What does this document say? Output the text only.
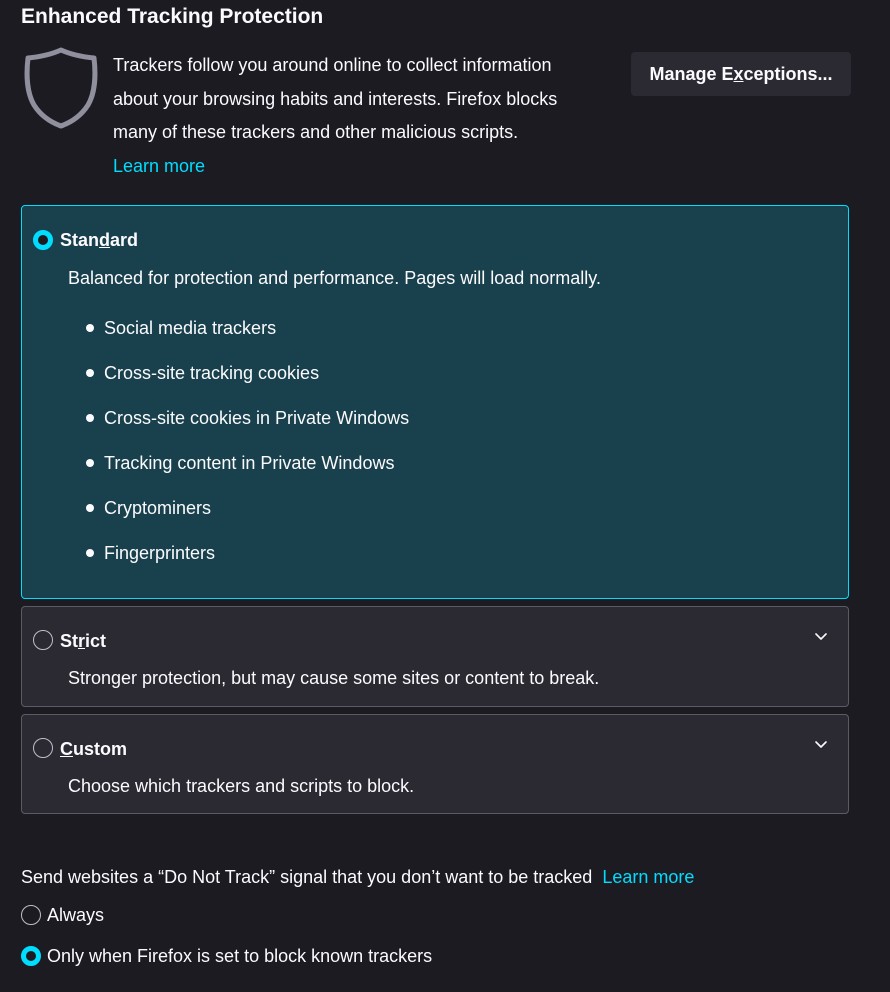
Enhanced Tracking Protection
Trackers follow you around online to collect information
about your browsing habits and interests. Firefox blocks
many of these trackers and other malicious scripts.
Learn more
Manage Exceptions...
Standard
Balanced for protection and performance. Pages will load normally.
Social media trackers
Cross-site tracking cookies
Cross-site cookies in Private Windows
Tracking content in Private Windows
Cryptominers
Fingerprinters
Strict
Stronger protection, but may cause some sites or content to break.
Custom
Choose which trackers and scripts to block.
Send websites a “Do Not Track” signal that you don’t want to be tracked Learn more
Always
Only when Firefox is set to block known trackers
